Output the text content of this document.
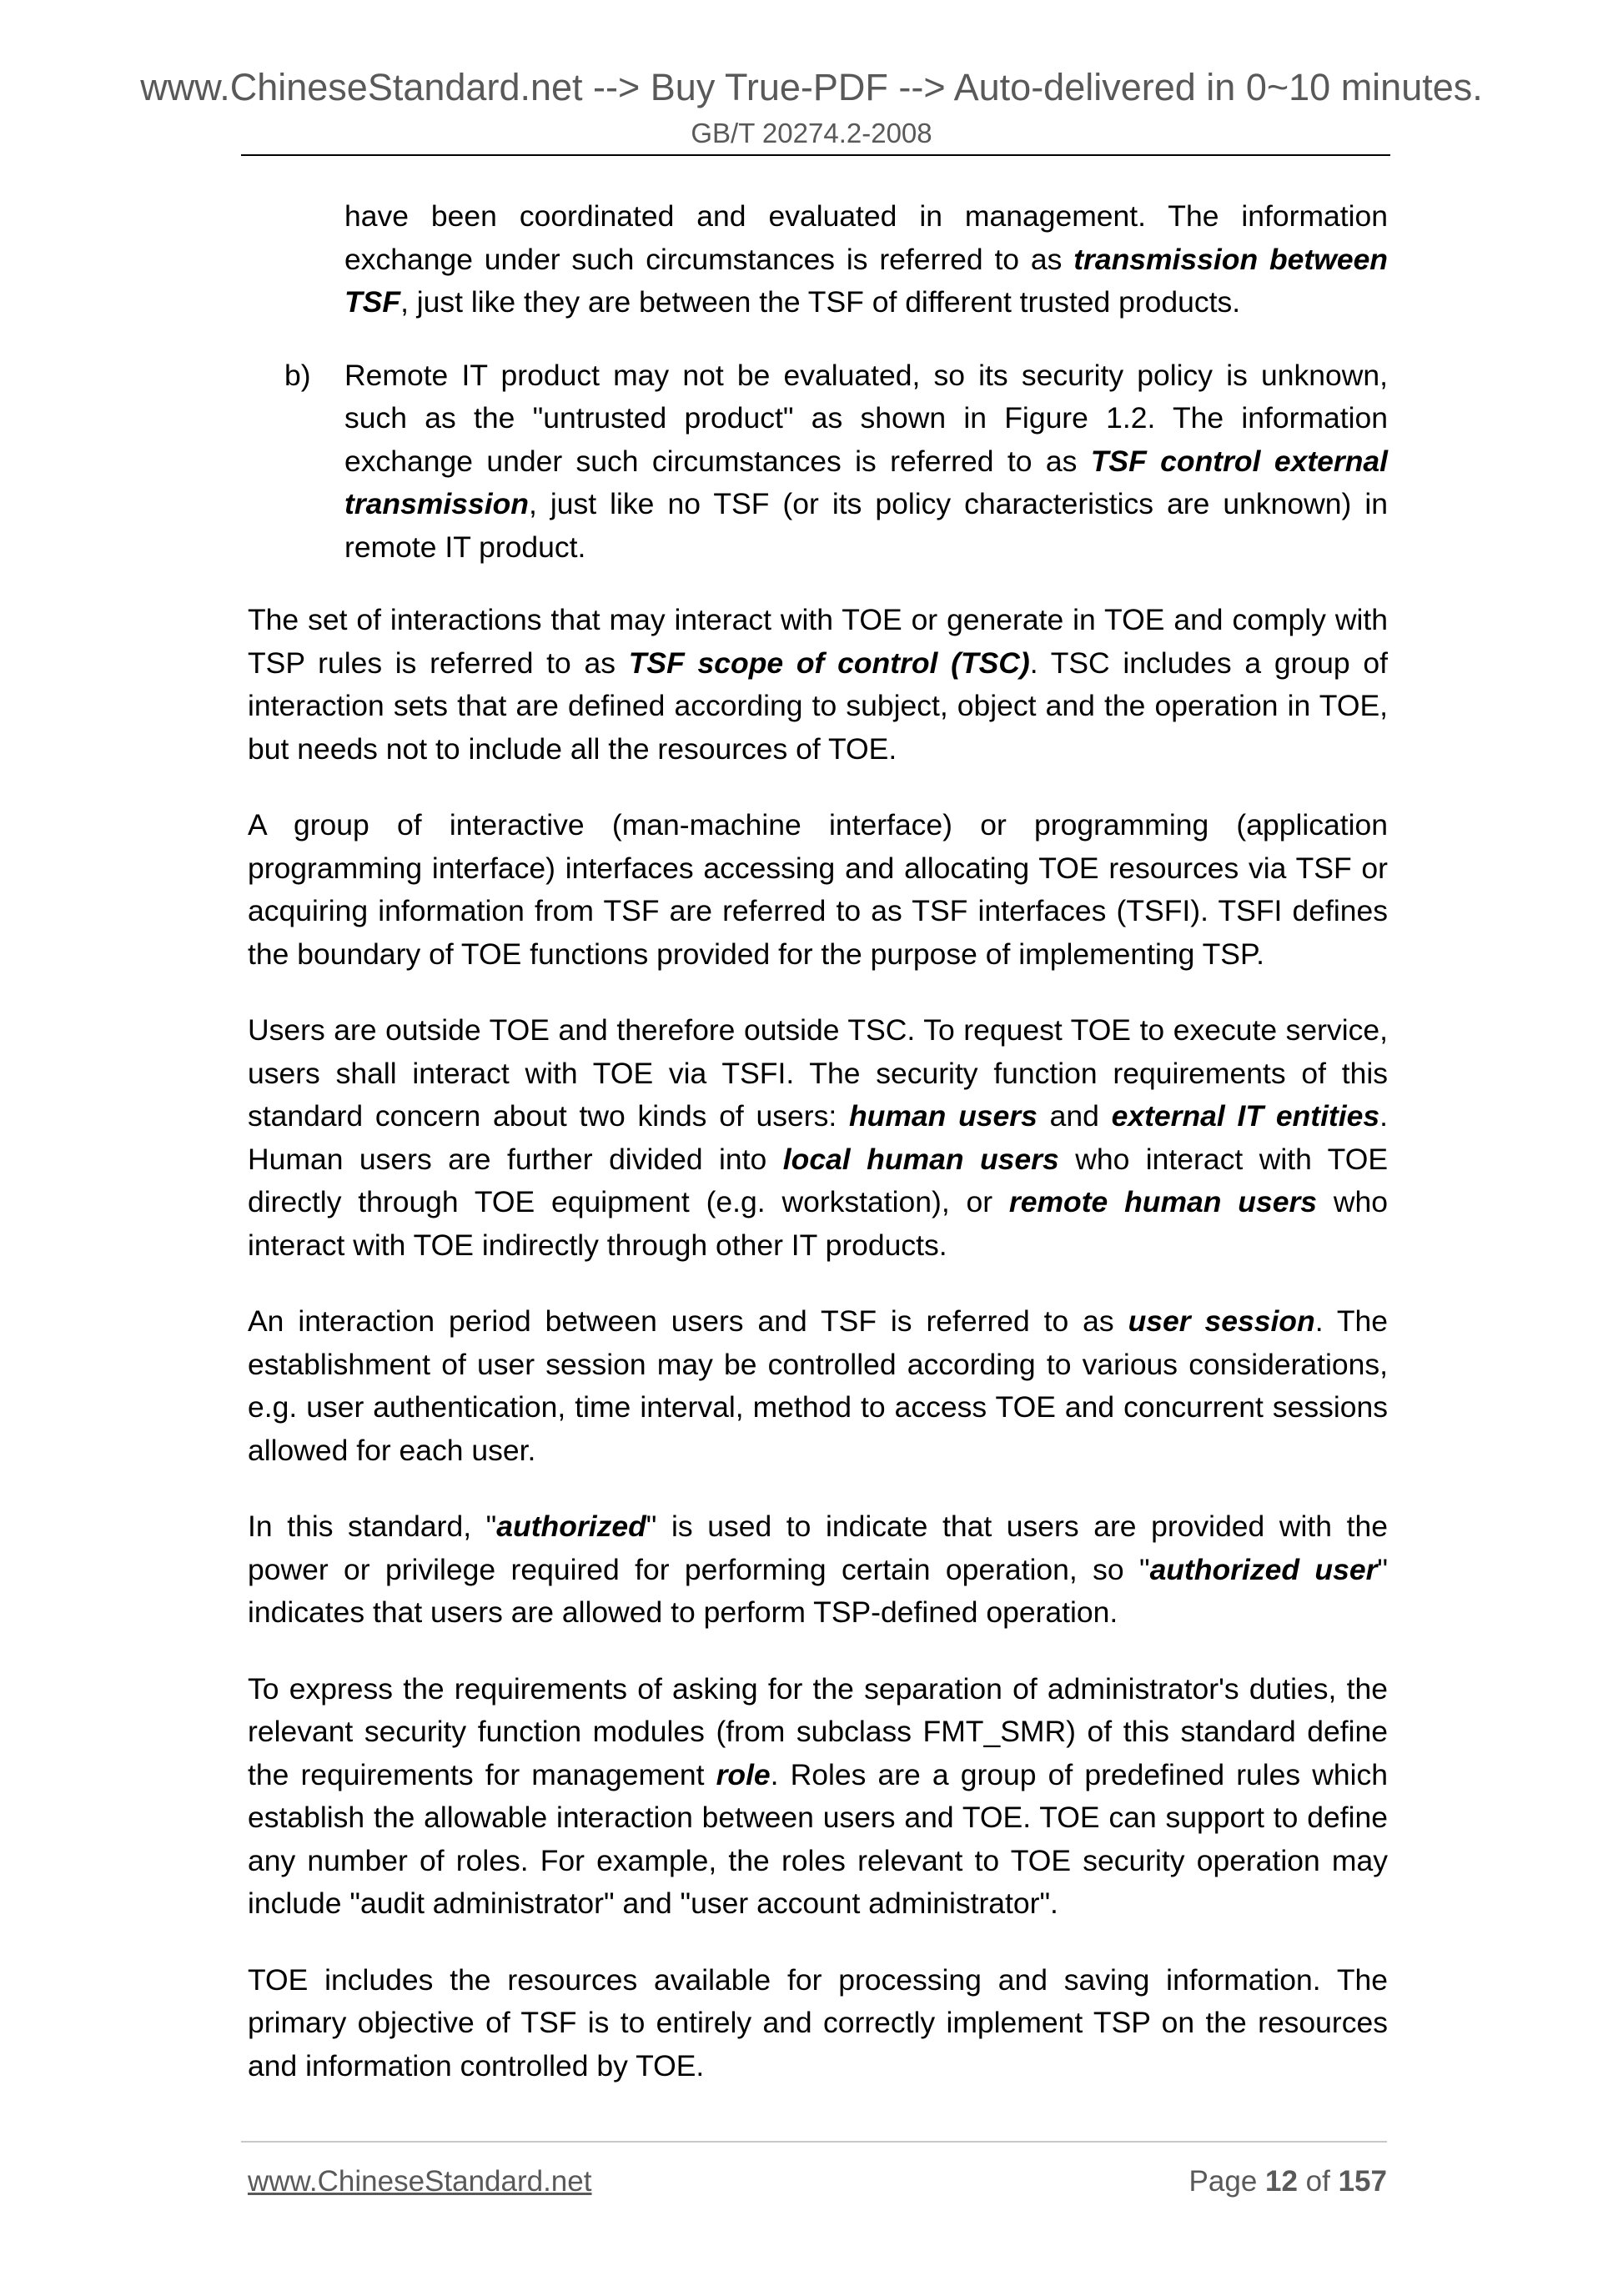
www.ChineseStandard.net --> Buy True-PDF --> Auto-delivered in 0~10 minutes.
GB/T 20274.2-2008

have been coordinated and evaluated in management. The information exchange under such circumstances is referred to as transmission between TSF, just like they are between the TSF of different trusted products.

b) Remote IT product may not be evaluated, so its security policy is unknown, such as the "untrusted product" as shown in Figure 1.2. The information exchange under such circumstances is referred to as TSF control external transmission, just like no TSF (or its policy characteristics are unknown) in remote IT product.

The set of interactions that may interact with TOE or generate in TOE and comply with TSP rules is referred to as TSF scope of control (TSC). TSC includes a group of interaction sets that are defined according to subject, object and the operation in TOE, but needs not to include all the resources of TOE.

A group of interactive (man-machine interface) or programming (application programming interface) interfaces accessing and allocating TOE resources via TSF or acquiring information from TSF are referred to as TSF interfaces (TSFI). TSFI defines the boundary of TOE functions provided for the purpose of implementing TSP.

Users are outside TOE and therefore outside TSC. To request TOE to execute service, users shall interact with TOE via TSFI. The security function requirements of this standard concern about two kinds of users: human users and external IT entities. Human users are further divided into local human users who interact with TOE directly through TOE equipment (e.g. workstation), or remote human users who interact with TOE indirectly through other IT products.

An interaction period between users and TSF is referred to as user session. The establishment of user session may be controlled according to various considerations, e.g. user authentication, time interval, method to access TOE and concurrent sessions allowed for each user.

In this standard, "authorized" is used to indicate that users are provided with the power or privilege required for performing certain operation, so "authorized user" indicates that users are allowed to perform TSP-defined operation.

To express the requirements of asking for the separation of administrator's duties, the relevant security function modules (from subclass FMT_SMR) of this standard define the requirements for management role. Roles are a group of predefined rules which establish the allowable interaction between users and TOE. TOE can support to define any number of roles. For example, the roles relevant to TOE security operation may include "audit administrator" and "user account administrator".

TOE includes the resources available for processing and saving information. The primary objective of TSF is to entirely and correctly implement TSP on the resources and information controlled by TOE.

www.ChineseStandard.net	Page 12 of 157
